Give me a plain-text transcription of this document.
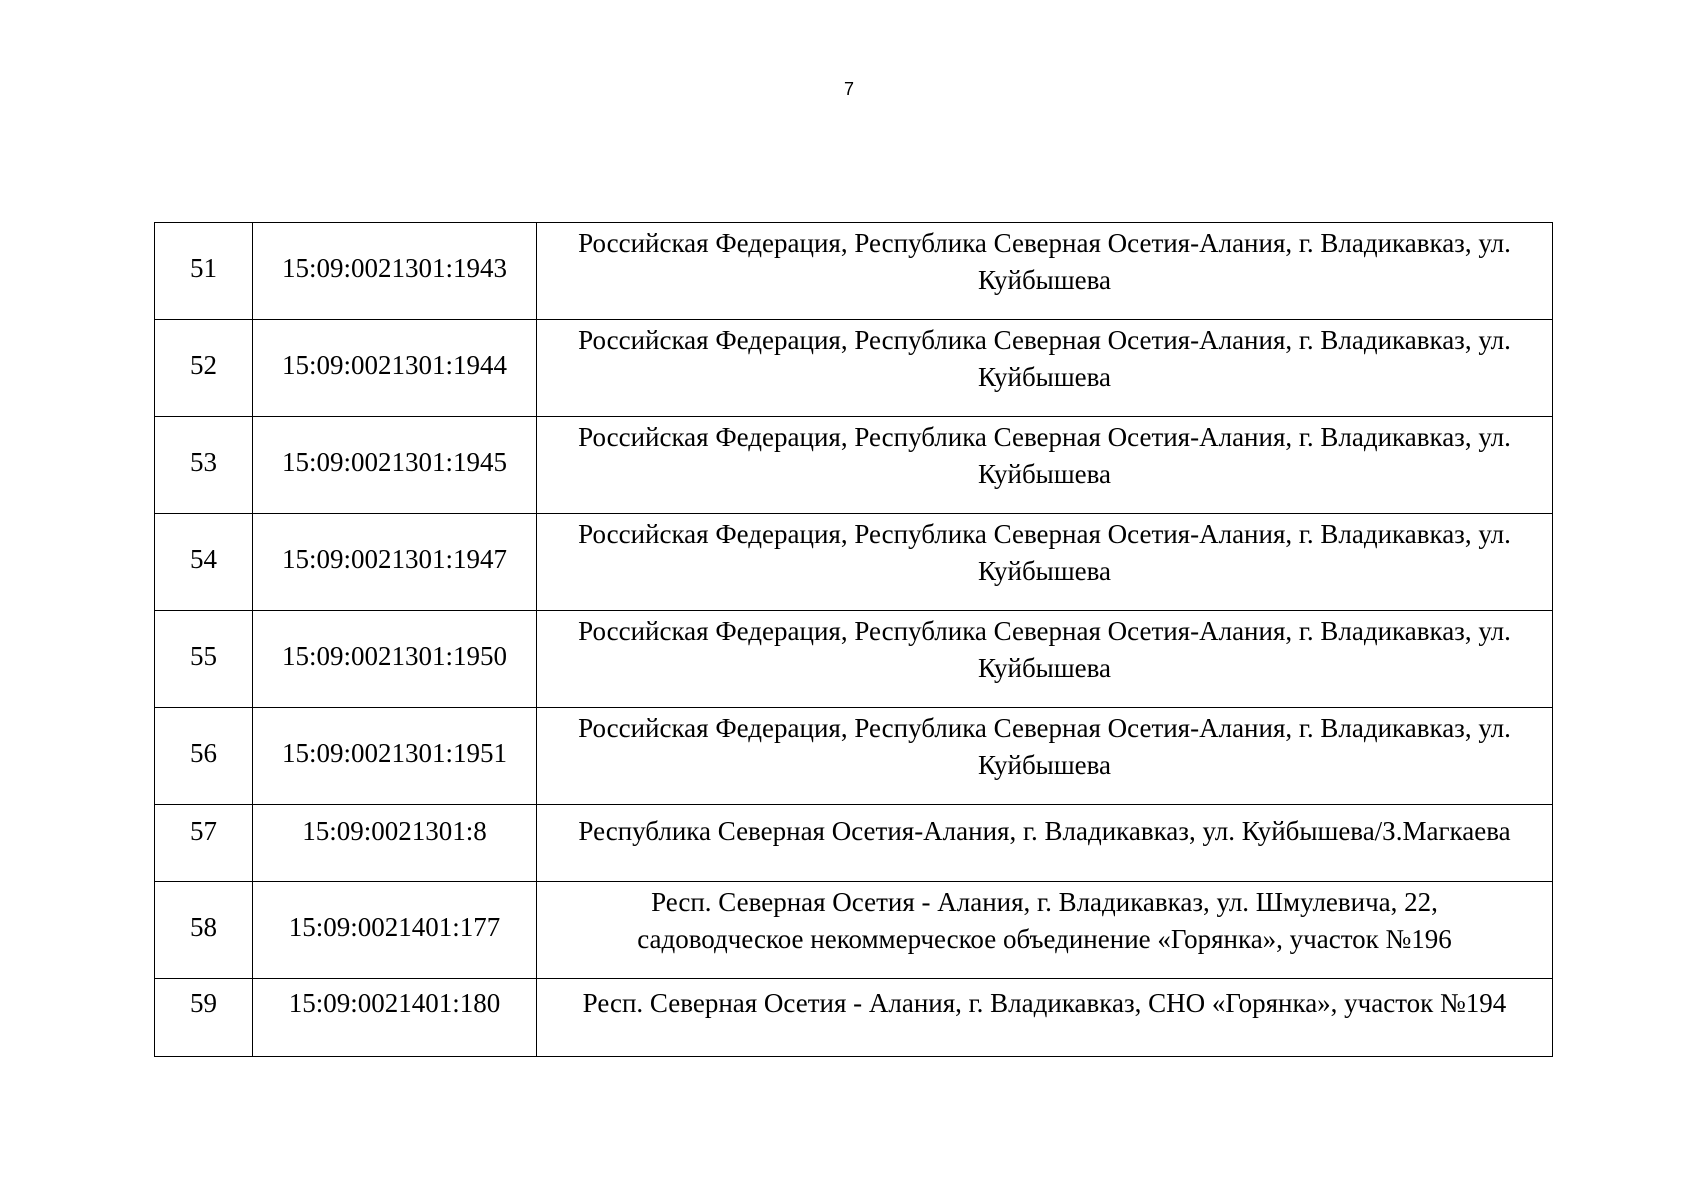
7
51	15:09:0021301:1943	Российская Федерация, Республика Северная Осетия-Алания, г. Владикавказ, ул.
Куйбышева

52	15:09:0021301:1944	Российская Федерация, Республика Северная Осетия-Алания, г. Владикавказ, ул.
Куйбышева

53	15:09:0021301:1945	Российская Федерация, Республика Северная Осетия-Алания, г. Владикавказ, ул.
Куйбышева

54	15:09:0021301:1947	Российская Федерация, Республика Северная Осетия-Алания, г. Владикавказ, ул.
Куйбышева

55	15:09:0021301:1950	Российская Федерация, Республика Северная Осетия-Алания, г. Владикавказ, ул.
Куйбышева

56	15:09:0021301:1951	Российская Федерация, Республика Северная Осетия-Алания, г. Владикавказ, ул.
Куйбышева

57	15:09:0021301:8	Республика Северная Осетия-Алания, г. Владикавказ, ул. Куйбышева/З.Магкаева

58	15:09:0021401:177	Респ. Северная Осетия - Алания, г. Владикавказ, ул. Шмулевича, 22,
садоводческое некоммерческое объединение «Горянка», участок №196

59	15:09:0021401:180	Респ. Северная Осетия - Алания, г. Владикавказ, СНО «Горянка», участок №194
